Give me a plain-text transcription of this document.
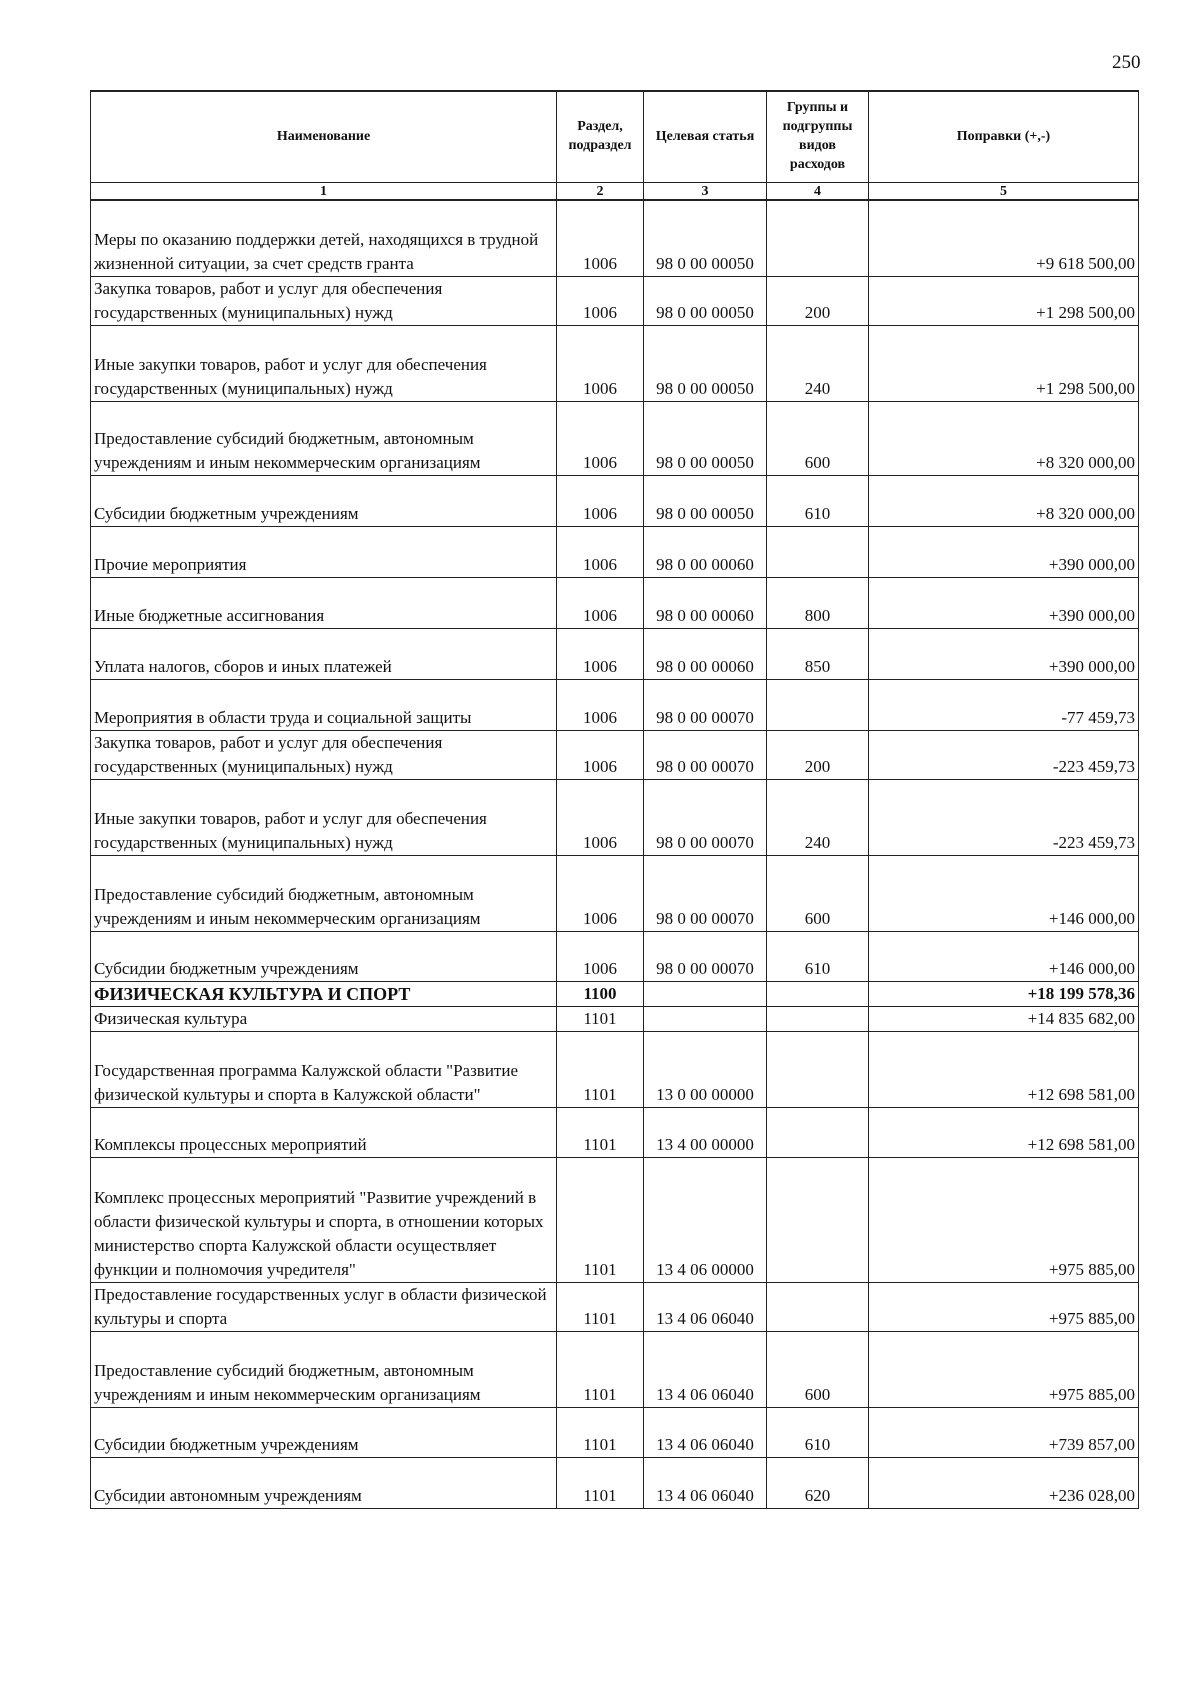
250
Наименование	Раздел, подраздел	Целевая статья	Группы и подгруппы видов расходов	Поправки (+,-)
1	2	3	4	5
Меры по оказанию поддержки детей, находящихся в трудной жизненной ситуации, за счет средств гранта	1006	98 0 00 00050		+9 618 500,00
Закупка товаров, работ и услуг для обеспечения государственных (муниципальных) нужд	1006	98 0 00 00050	200	+1 298 500,00
Иные закупки товаров, работ и услуг для обеспечения государственных (муниципальных) нужд	1006	98 0 00 00050	240	+1 298 500,00
Предоставление субсидий бюджетным, автономным учреждениям и иным некоммерческим организациям	1006	98 0 00 00050	600	+8 320 000,00
Субсидии бюджетным учреждениям	1006	98 0 00 00050	610	+8 320 000,00
Прочие мероприятия	1006	98 0 00 00060		+390 000,00
Иные бюджетные ассигнования	1006	98 0 00 00060	800	+390 000,00
Уплата налогов, сборов и иных платежей	1006	98 0 00 00060	850	+390 000,00
Мероприятия в области труда и социальной защиты	1006	98 0 00 00070		-77 459,73
Закупка товаров, работ и услуг для обеспечения государственных (муниципальных) нужд	1006	98 0 00 00070	200	-223 459,73
Иные закупки товаров, работ и услуг для обеспечения государственных (муниципальных) нужд	1006	98 0 00 00070	240	-223 459,73
Предоставление субсидий бюджетным, автономным учреждениям и иным некоммерческим организациям	1006	98 0 00 00070	600	+146 000,00
Субсидии бюджетным учреждениям	1006	98 0 00 00070	610	+146 000,00
ФИЗИЧЕСКАЯ КУЛЬТУРА И СПОРТ	1100			+18 199 578,36
Физическая культура	1101			+14 835 682,00
Государственная программа Калужской области "Развитие физической культуры и спорта в Калужской области"	1101	13 0 00 00000		+12 698 581,00
Комплексы процессных мероприятий	1101	13 4 00 00000		+12 698 581,00
Комплекс процессных мероприятий "Развитие учреждений в области физической культуры и спорта, в отношении которых министерство спорта Калужской области осуществляет функции и полномочия учредителя"	1101	13 4 06 00000		+975 885,00
Предоставление государственных услуг в области физической культуры и спорта	1101	13 4 06 06040		+975 885,00
Предоставление субсидий бюджетным, автономным учреждениям и иным некоммерческим организациям	1101	13 4 06 06040	600	+975 885,00
Субсидии бюджетным учреждениям	1101	13 4 06 06040	610	+739 857,00
Субсидии автономным учреждениям	1101	13 4 06 06040	620	+236 028,00
